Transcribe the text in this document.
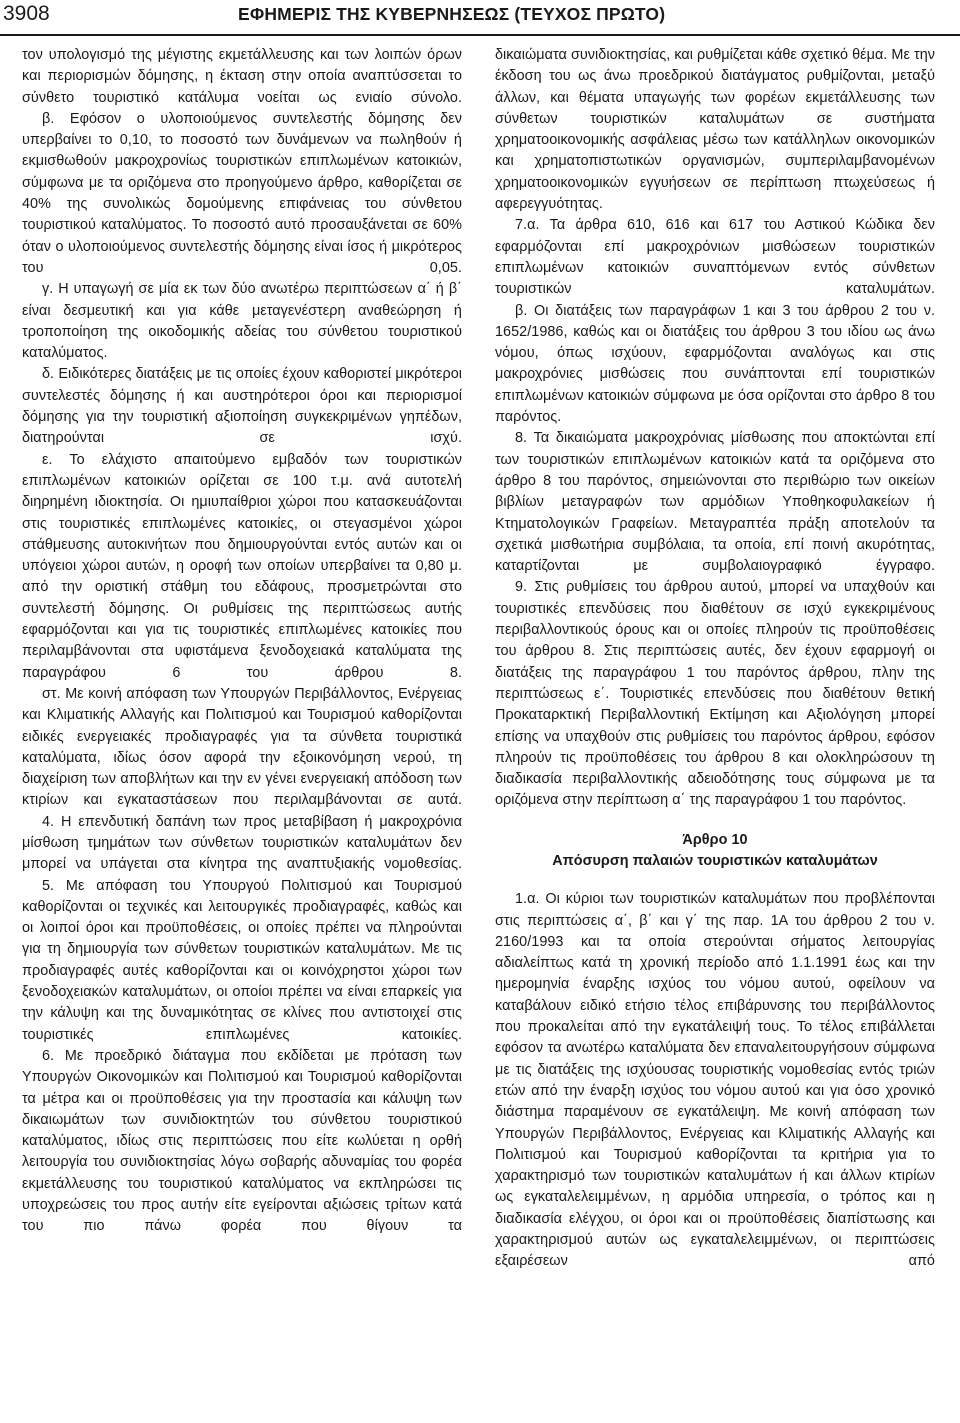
3908	ΕΦΗΜΕΡΙΣ ΤΗΣ ΚΥΒΕΡΝΗΣΕΩΣ (ΤΕΥΧΟΣ ΠΡΩΤΟ)

τον υπολογισμό της μέγιστης εκμετάλλευσης και των λοιπών όρων και περιορισμών δόμησης, η έκταση στην οποία αναπτύσσεται το σύνθετο τουριστικό κατάλυμα νοείται ως ενιαίο σύνολο.

β. Εφόσον ο υλοποιούμενος συντελεστής δόμησης δεν υπερβαίνει το 0,10, το ποσοστό των δυνάμενων να πωληθούν ή εκμισθωθούν μακροχρονίως τουριστικών επιπλωμένων κατοικιών, σύμφωνα με τα οριζόμενα στο προηγούμενο άρθρο, καθορίζεται σε 40% της συνολικώς δομούμενης επιφάνειας του σύνθετου τουριστικού καταλύματος. Το ποσοστό αυτό προσαυξάνεται σε 60% όταν ο υλοποιούμενος συντελεστής δόμησης είναι ίσος ή μικρότερος του 0,05.

γ. Η υπαγωγή σε μία εκ των δύο ανωτέρω περιπτώσεων α΄ ή β΄ είναι δεσμευτική και για κάθε μεταγενέστερη αναθεώρηση ή τροποποίηση της οικοδομικής αδείας του σύνθετου τουριστικού καταλύματος.

δ. Ειδικότερες διατάξεις με τις οποίες έχουν καθοριστεί μικρότεροι συντελεστές δόμησης ή και αυστηρότεροι όροι και περιορισμοί δόμησης για την τουριστική αξιοποίηση συγκεκριμένων γηπέδων, διατηρούνται σε ισχύ.

ε. Το ελάχιστο απαιτούμενο εμβαδόν των τουριστικών επιπλωμένων κατοικιών ορίζεται σε 100 τ.μ. ανά αυτοτελή διηρημένη ιδιοκτησία. Οι ημιυπαίθριοι χώροι που κατασκευάζονται στις τουριστικές επιπλωμένες κατοικίες, οι στεγασμένοι χώροι στάθμευσης αυτοκινήτων που δημιουργούνται εντός αυτών και οι υπόγειοι χώροι αυτών, η οροφή των οποίων υπερβαίνει τα 0,80 μ. από την οριστική στάθμη του εδάφους, προσμετρώνται στο συντελεστή δόμησης. Οι ρυθμίσεις της περιπτώσεως αυτής εφαρμόζονται και για τις τουριστικές επιπλωμένες κατοικίες που περιλαμβάνονται στα υφιστάμενα ξενοδοχειακά καταλύματα της παραγράφου 6 του άρθρου 8.

στ. Με κοινή απόφαση των Υπουργών Περιβάλλοντος, Ενέργειας και Κλιματικής Αλλαγής και Πολιτισμού και Τουρισμού καθορίζονται ειδικές ενεργειακές προδιαγραφές για τα σύνθετα τουριστικά καταλύματα, ιδίως όσον αφορά την εξοικονόμηση νερού, τη διαχείριση των αποβλήτων και την εν γένει ενεργειακή απόδοση των κτιρίων και εγκαταστάσεων που περιλαμβάνονται σε αυτά.

4. Η επενδυτική δαπάνη των προς μεταβίβαση ή μακροχρόνια μίσθωση τμημάτων των σύνθετων τουριστικών καταλυμάτων δεν μπορεί να υπάγεται στα κίνητρα της αναπτυξιακής νομοθεσίας.

5. Με απόφαση του Υπουργού Πολιτισμού και Τουρισμού καθορίζονται οι τεχνικές και λειτουργικές προδιαγραφές, καθώς και οι λοιποί όροι και προϋποθέσεις, οι οποίες πρέπει να πληρούνται για τη δημιουργία των σύνθετων τουριστικών καταλυμάτων. Με τις προδιαγραφές αυτές καθορίζονται και οι κοινόχρηστοι χώροι των ξενοδοχειακών καταλυμάτων, οι οποίοι πρέπει να είναι επαρκείς για την κάλυψη και της δυναμικότητας σε κλίνες που αντιστοιχεί στις τουριστικές επιπλωμένες κατοικίες.

6. Με προεδρικό διάταγμα που εκδίδεται με πρόταση των Υπουργών Οικονομικών και Πολιτισμού και Τουρισμού καθορίζονται τα μέτρα και οι προϋποθέσεις για την προστασία και κάλυψη των δικαιωμάτων των συνιδιοκτητών του σύνθετου τουριστικού καταλύματος, ιδίως στις περιπτώσεις που είτε κωλύεται η ορθή λειτουργία του συνιδιοκτησίας λόγω σοβαρής αδυναμίας του φορέα εκμετάλλευσης του τουριστικού καταλύματος να εκπληρώσει τις υποχρεώσεις του προς αυτήν είτε εγείρονται αξιώσεις τρίτων κατά του πιο πάνω φορέα που θίγουν τα

δικαιώματα συνιδιοκτησίας, και ρυθμίζεται κάθε σχετικό θέμα. Με την έκδοση του ως άνω προεδρικού διατάγματος ρυθμίζονται, μεταξύ άλλων, και θέματα υπαγωγής των φορέων εκμετάλλευσης των σύνθετων τουριστικών καταλυμάτων σε συστήματα χρηματοοικονομικής ασφάλειας μέσω των κατάλληλων οικονομικών και χρηματοπιστωτικών οργανισμών, συμπεριλαμβανομένων χρηματοοικονομικών εγγυήσεων σε περίπτωση πτωχεύσεως ή αφερεγγυότητας.

7.α. Τα άρθρα 610, 616 και 617 του Αστικού Κώδικα δεν εφαρμόζονται επί μακροχρόνιων μισθώσεων τουριστικών επιπλωμένων κατοικιών συναπτόμενων εντός σύνθετων τουριστικών καταλυμάτων.

β. Οι διατάξεις των παραγράφων 1 και 3 του άρθρου 2 του ν. 1652/1986, καθώς και οι διατάξεις του άρθρου 3 του ιδίου ως άνω νόμου, όπως ισχύουν, εφαρμόζονται αναλόγως και στις μακροχρόνιες μισθώσεις που συνάπτονται επί τουριστικών επιπλωμένων κατοικιών σύμφωνα με όσα ορίζονται στο άρθρο 8 του παρόντος.

8. Τα δικαιώματα μακροχρόνιας μίσθωσης που αποκτώνται επί των τουριστικών επιπλωμένων κατοικιών κατά τα οριζόμενα στο άρθρο 8 του παρόντος, σημειώνονται στο περιθώριο των οικείων βιβλίων μεταγραφών των αρμόδιων Υποθηκοφυλακείων ή Κτηματολογικών Γραφείων. Μεταγραπτέα πράξη αποτελούν τα σχετικά μισθωτήρια συμβόλαια, τα οποία, επί ποινή ακυρότητας, καταρτίζονται με συμβολαιογραφικό έγγραφο.

9. Στις ρυθμίσεις του άρθρου αυτού, μπορεί να υπαχθούν και τουριστικές επενδύσεις που διαθέτουν σε ισχύ εγκεκριμένους περιβαλλοντικούς όρους και οι οποίες πληρούν τις προϋποθέσεις του άρθρου 8. Στις περιπτώσεις αυτές, δεν έχουν εφαρμογή οι διατάξεις της παραγράφου 1 του παρόντος άρθρου, πλην της περιπτώσεως ε΄. Τουριστικές επενδύσεις που διαθέτουν θετική Προκαταρκτική Περιβαλλοντική Εκτίμηση και Αξιολόγηση μπορεί επίσης να υπαχθούν στις ρυθμίσεις του παρόντος άρθρου, εφόσον πληρούν τις προϋποθέσεις του άρθρου 8 και ολοκληρώσουν τη διαδικασία περιβαλλοντικής αδειοδότησης τους σύμφωνα με τα οριζόμενα στην περίπτωση α΄ της παραγράφου 1 του παρόντος.

Άρθρο 10
Απόσυρση παλαιών τουριστικών καταλυμάτων

1.α. Οι κύριοι των τουριστικών καταλυμάτων που προβλέπονται στις περιπτώσεις α΄, β΄ και γ΄ της παρ. 1Α του άρθρου 2 του ν. 2160/1993 και τα οποία στερούνται σήματος λειτουργίας αδιαλείπτως κατά τη χρονική περίοδο από 1.1.1991 έως και την ημερομηνία έναρξης ισχύος του νόμου αυτού, οφείλουν να καταβάλουν ειδικό ετήσιο τέλος επιβάρυνσης του περιβάλλοντος που προκαλείται από την εγκατάλειψή τους. Το τέλος επιβάλλεται εφόσον τα ανωτέρω καταλύματα δεν επαναλειτουργήσουν σύμφωνα με τις διατάξεις της ισχύουσας τουριστικής νομοθεσίας εντός τριών ετών από την έναρξη ισχύος του νόμου αυτού και για όσο χρονικό διάστημα παραμένουν σε εγκατάλειψη. Με κοινή απόφαση των Υπουργών Περιβάλλοντος, Ενέργειας και Κλιματικής Αλλαγής και Πολιτισμού και Τουρισμού καθορίζονται τα κριτήρια για το χαρακτηρισμό των τουριστικών καταλυμάτων ή και άλλων κτιρίων ως εγκαταλελειμμένων, η αρμόδια υπηρεσία, ο τρόπος και η διαδικασία ελέγχου, οι όροι και οι προϋποθέσεις διαπίστωσης και χαρακτηρισμού αυτών ως εγκαταλελειμμένων, οι περιπτώσεις εξαιρέσεων από
